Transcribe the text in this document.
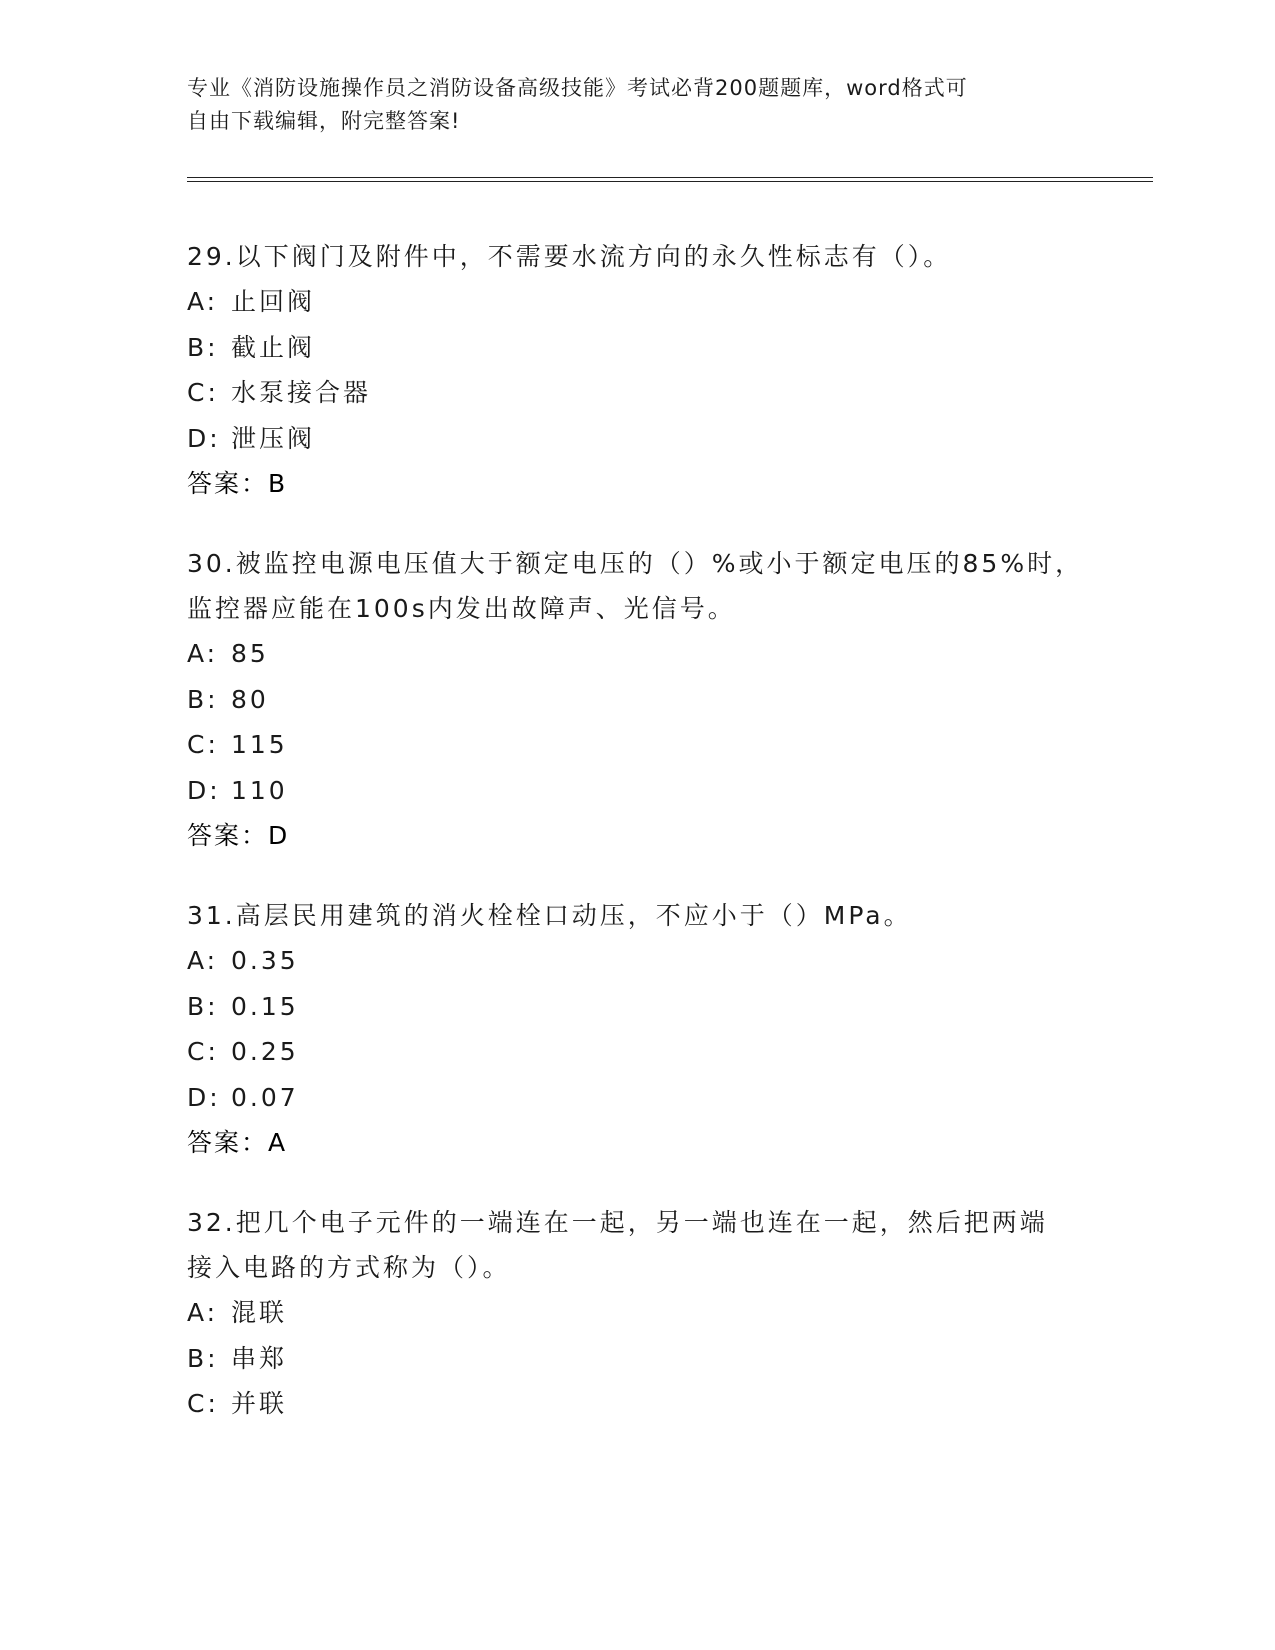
专业《消防设施操作员之消防设备高级技能》考试必背200题题库，word格式可
自由下载编辑，附完整答案!
29.以下阀门及附件中，不需要水流方向的永久性标志有（）。
A: 止回阀
B: 截止阀
C: 水泵接合器
D: 泄压阀
答案：B
30.被监控电源电压值大于额定电压的（）%或小于额定电压的85%时，
监控器应能在100s内发出故障声、光信号。
A: 85
B: 80
C: 115
D: 110
答案：D
31.高层民用建筑的消火栓栓口动压，不应小于（）MPa。
A: 0.35
B: 0.15
C: 0.25
D: 0.07
答案：A
32.把几个电子元件的一端连在一起，另一端也连在一起，然后把两端
接入电路的方式称为（）。
A: 混联
B: 串郑
C: 并联
